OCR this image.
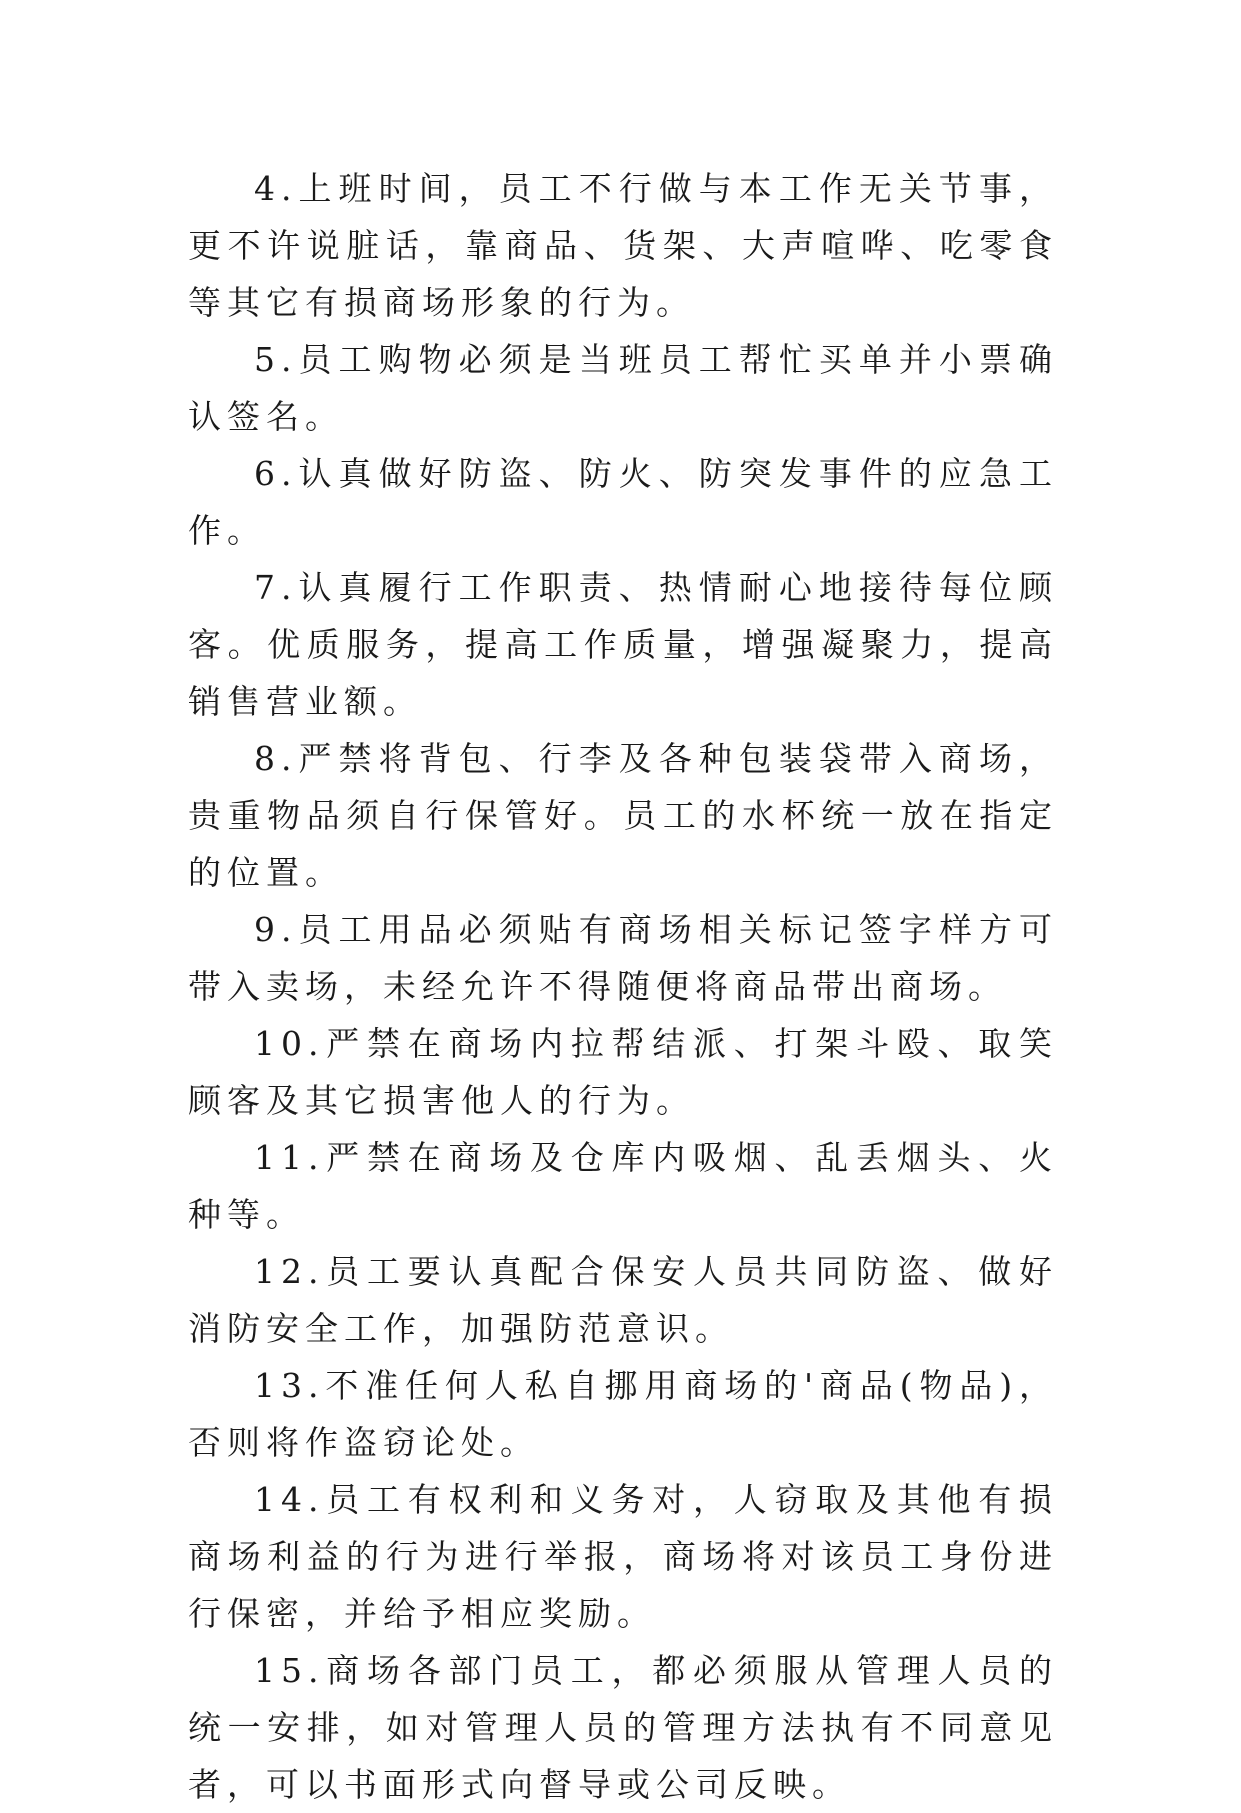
4.上班时间，员工不行做与本工作无关节事，更不许说脏话，靠商品、货架、大声喧哗、吃零食等其它有损商场形象的行为。

5.员工购物必须是当班员工帮忙买单并小票确认签名。

6.认真做好防盗、防火、防突发事件的应急工作。

7.认真履行工作职责、热情耐心地接待每位顾客。优质服务，提高工作质量，增强凝聚力，提高销售营业额。

8.严禁将背包、行李及各种包装袋带入商场，贵重物品须自行保管好。员工的水杯统一放在指定的位置。

9.员工用品必须贴有商场相关标记签字样方可带入卖场，未经允许不得随便将商品带出商场。

10.严禁在商场内拉帮结派、打架斗殴、取笑顾客及其它损害他人的行为。

11.严禁在商场及仓库内吸烟、乱丢烟头、火种等。

12.员工要认真配合保安人员共同防盗、做好消防安全工作，加强防范意识。

13.不准任何人私自挪用商场的'商品(物品)，否则将作盗窃论处。

14.员工有权利和义务对，人窃取及其他有损商场利益的行为进行举报，商场将对该员工身份进行保密，并给予相应奖励。

15.商场各部门员工，都必须服从管理人员的统一安排，如对管理人员的管理方法执有不同意见者，可以书面形式向督导或公司反映。
